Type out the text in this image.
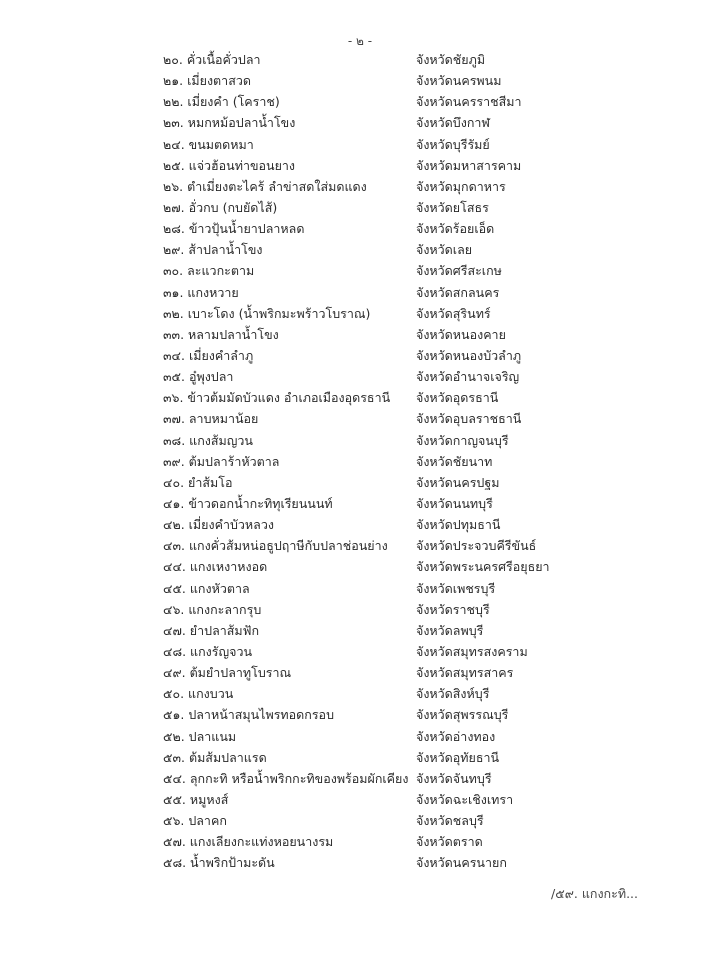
- ๒ -
๒๐. คั่วเนื้อคั่วปลา	จังหวัดชัยภูมิ
๒๑. เมี่ยงตาสวด	จังหวัดนครพนม
๒๒. เมี่ยงคำ (โคราช)	จังหวัดนครราชสีมา
๒๓. หมกหม้อปลาน้ำโขง	จังหวัดบึงกาฬ
๒๔. ขนมตดหมา	จังหวัดบุรีรัมย์
๒๕. แจ่วฮ้อนท่าขอนยาง	จังหวัดมหาสารคาม
๒๖. ตำเมี่ยงตะไคร้ ลำข่าสดใส่มดแดง	จังหวัดมุกดาหาร
๒๗. อั่วกบ (กบยัดไส้)	จังหวัดยโสธร
๒๘. ข้าวปุ้นน้ำยาปลาหลด	จังหวัดร้อยเอ็ด
๒๙. ส้าปลาน้ำโขง	จังหวัดเลย
๓๐. ละแวกะตาม	จังหวัดศรีสะเกษ
๓๑. แกงหวาย	จังหวัดสกลนคร
๓๒. เบาะโดง (น้ำพริกมะพร้าวโบราณ)	จังหวัดสุรินทร์
๓๓. หลามปลาน้ำโขง	จังหวัดหนองคาย
๓๔. เมี่ยงคำลำภู	จังหวัดหนองบัวลำภู
๓๕. อู๋พุงปลา	จังหวัดอำนาจเจริญ
๓๖. ข้าวต้มมัดบัวแดง อำเภอเมืองอุดรธานี จังหวัดอุดรธานี
๓๗. ลาบหมาน้อย	จังหวัดอุบลราชธานี
๓๘. แกงส้มญวน	จังหวัดกาญจนบุรี
๓๙. ต้มปลาร้าหัวตาล	จังหวัดชัยนาท
๔๐. ยำส้มโอ	จังหวัดนครปฐม
๔๑. ข้าวดอกน้ำกะทิทุเรียนนนท์	จังหวัดนนทบุรี
๔๒. เมี่ยงคำบัวหลวง	จังหวัดปทุมธานี
๔๓. แกงคั่วส้มหน่อธูปฤาษีกับปลาช่อนย่าง จังหวัดประจวบคีรีขันธ์
๔๔. แกงเหงาหงอด	จังหวัดพระนครศรีอยุธยา
๔๕. แกงหัวตาล	จังหวัดเพชรบุรี
๔๖. แกงกะลากรุบ	จังหวัดราชบุรี
๔๗. ยำปลาส้มฟัก	จังหวัดลพบุรี
๔๘. แกงรัญจวน	จังหวัดสมุทรสงคราม
๔๙. ต้มยำปลาทูโบราณ	จังหวัดสมุทรสาคร
๕๐. แกงบวน	จังหวัดสิงห์บุรี
๕๑. ปลาหน้าสมุนไพรทอดกรอบ	จังหวัดสุพรรณบุรี
๕๒. ปลาแนม	จังหวัดอ่างทอง
๕๓. ต้มส้มปลาแรด	จังหวัดอุทัยธานี
๕๔. ลุกกะทิ หรือน้ำพริกกะทิของพร้อมผักเคียง จังหวัดจันทบุรี
๕๕. หมูหงส์	จังหวัดฉะเชิงเทรา
๕๖. ปลาคก	จังหวัดชลบุรี
๕๗. แกงเลียงกะแท่งหอยนางรม	จังหวัดตราด
๕๘. น้ำพริกป้ามะดัน	จังหวัดนครนายก
/๕๙. แกงกะทิ...
